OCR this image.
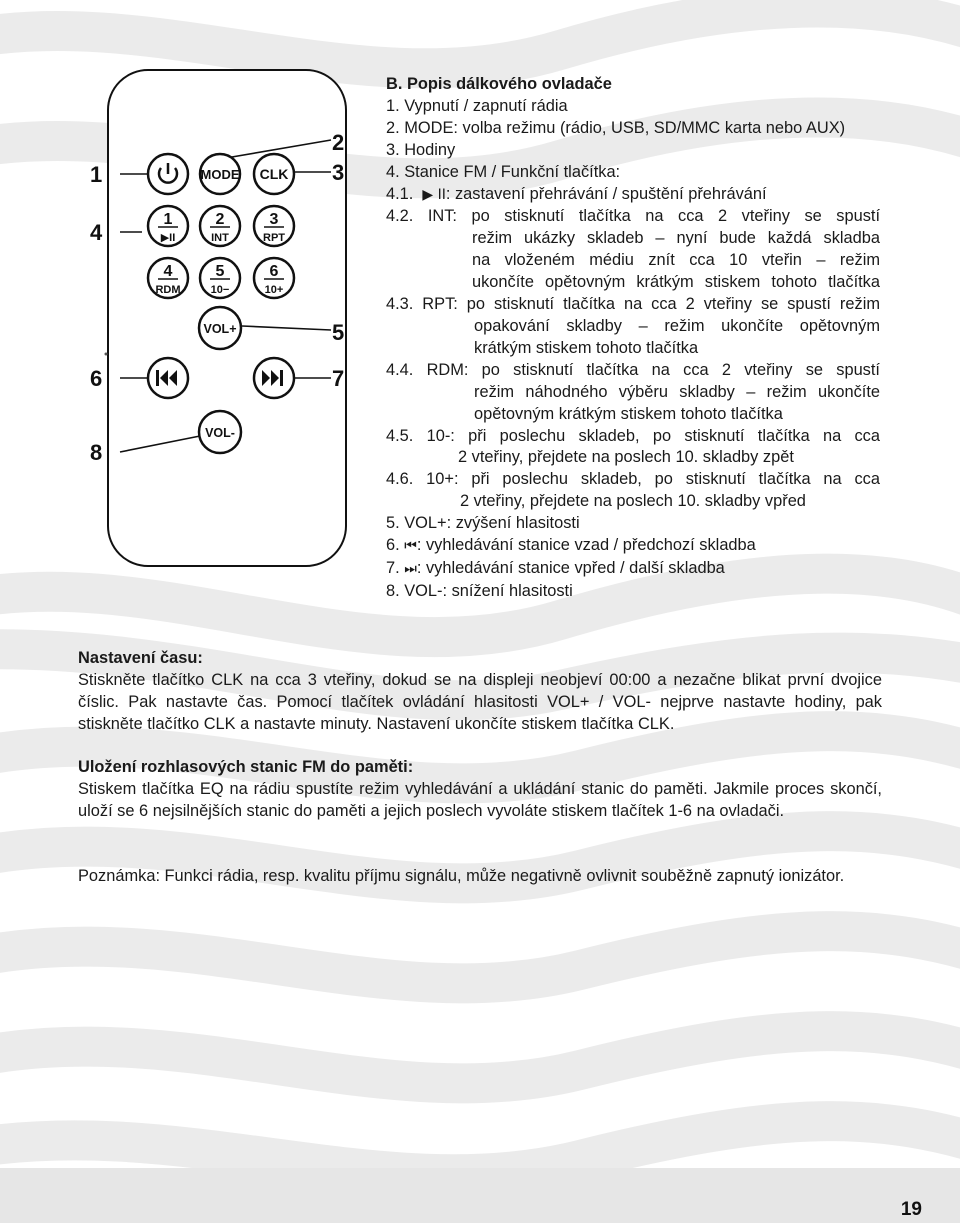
1
2
3
4
5
6	7
8
MODE CLK
1
▶II
2
INT
3
RPT
4
RDM
5
10−
6
10+
VOL+
VOL-
B. Popis dálkového ovladače
1. Vypnutí / zapnutí rádia
2. MODE: volba režimu (rádio, USB, SD/MMC karta nebo AUX)
3. Hodiny
4. Stanice FM / Funkční tlačítka:
4.1.  ▶ II: zastavení přehrávání / spuštění přehrávání
4.2. INT: po stisknutí tlačítka na cca 2 vteřiny se spustí
režim ukázky skladeb – nyní bude každá skladba
na vloženém médiu znít cca 10 vteřin – režim
ukončíte opětovným krátkým stiskem tohoto tlačítka
4.3. RPT: po stisknutí tlačítka na cca 2 vteřiny se spustí režim
opakování skladby – režim ukončíte opětovným
krátkým stiskem tohoto tlačítka
4.4. RDM: po stisknutí tlačítka na cca 2 vteřiny se spustí
režim náhodného výběru skladby – režim ukončíte
opětovným krátkým stiskem tohoto tlačítka
4.5. 10-: při poslechu skladeb, po stisknutí tlačítka na cca
2 vteřiny, přejdete na poslech 10. skladby zpět
4.6. 10+: při poslechu skladeb, po stisknutí tlačítka na cca
2 vteřiny, přejdete na poslech 10. skladby vpřed
5. VOL+: zvýšení hlasitosti
6. ⏮: vyhledávání stanice vzad / předchozí skladba
7. ⏭: vyhledávání stanice vpřed / další skladba
8. VOL-: snížení hlasitosti
Nastavení času:
Stiskněte tlačítko CLK na cca 3 vteřiny, dokud se na displeji neobjeví 00:00 a nezačne blikat první dvojice číslic. Pak nastavte čas. Pomocí tlačítek ovládání hlasitosti VOL+ / VOL- nejprve nastavte hodiny, pak stiskněte tlačítko CLK a nastavte minuty. Nastavení ukončíte stiskem tlačítka CLK.
Uložení rozhlasových stanic FM do paměti:
Stiskem tlačítka EQ na rádiu spustíte režim vyhledávání a ukládání stanic do paměti. Jakmile proces skončí, uloží se 6 nejsilnějších stanic do paměti a jejich poslech vyvoláte stiskem tlačítek 1-6 na ovladači.
Poznámka: Funkci rádia, resp. kvalitu příjmu signálu, může negativně ovlivnit souběžně zapnutý ionizátor.
19
